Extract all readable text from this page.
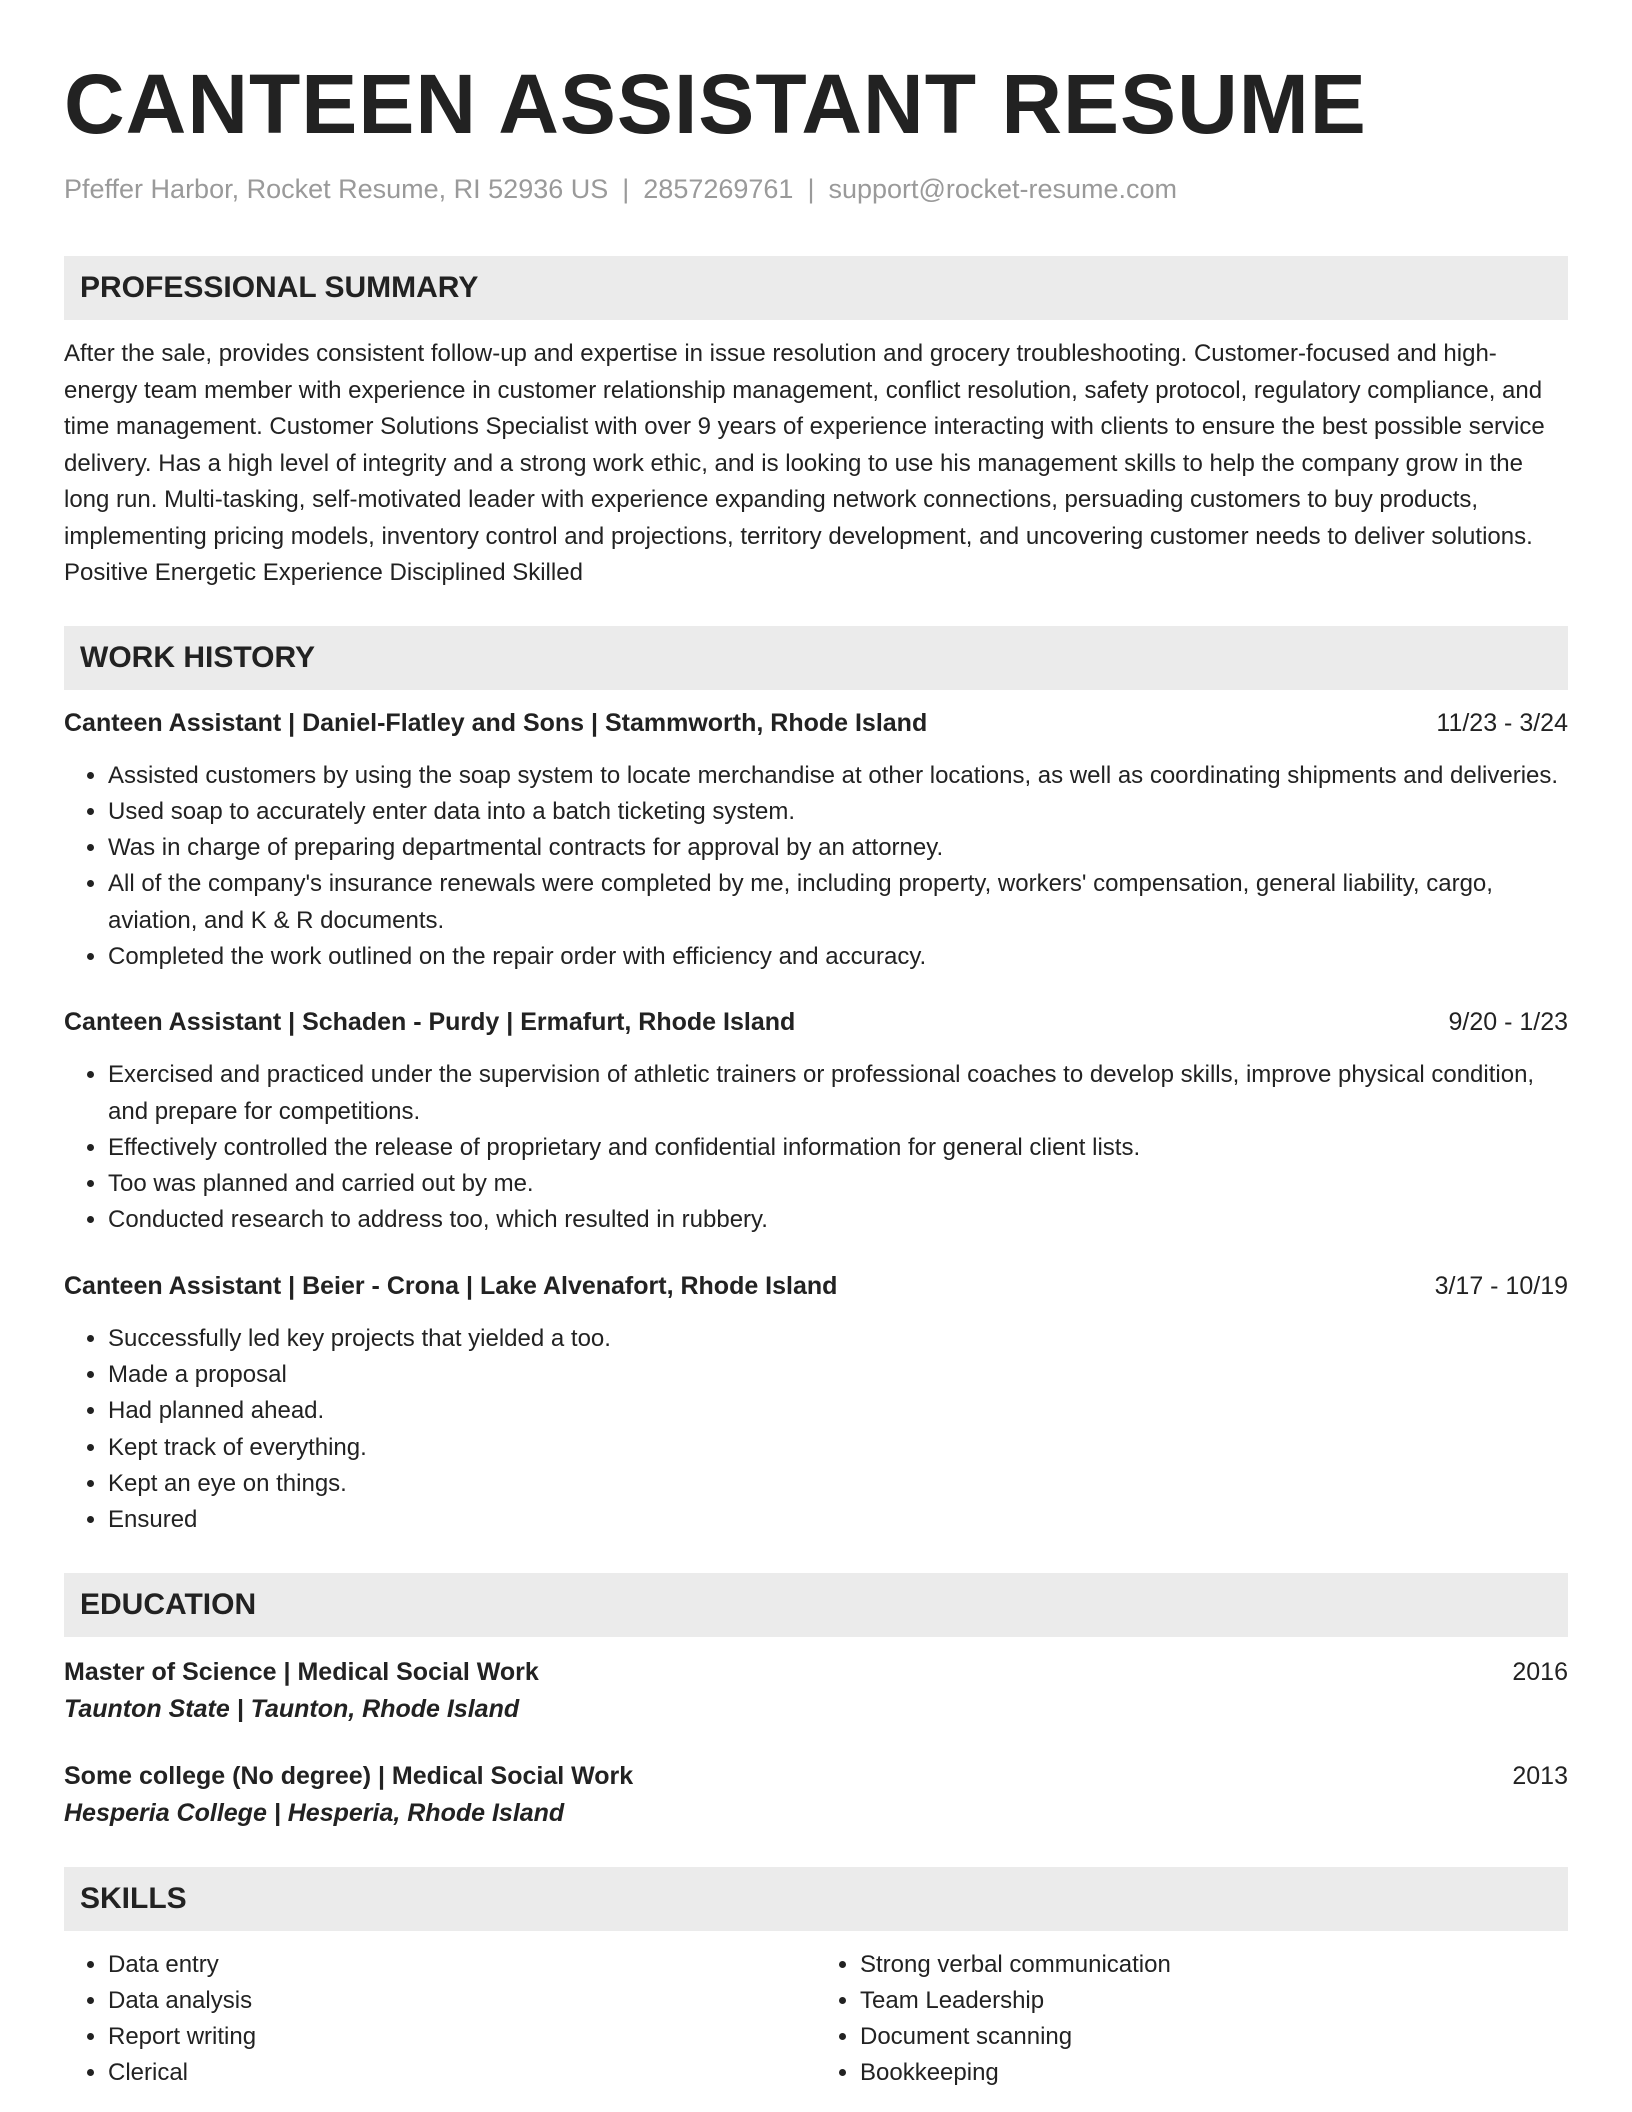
CANTEEN ASSISTANT RESUME
Pfeffer Harbor, Rocket Resume, RI 52936 US | 2857269761 | support@rocket-resume.com
PROFESSIONAL SUMMARY
After the sale, provides consistent follow-up and expertise in issue resolution and grocery troubleshooting. Customer-focused and high-energy team member with experience in customer relationship management, conflict resolution, safety protocol, regulatory compliance, and time management. Customer Solutions Specialist with over 9 years of experience interacting with clients to ensure the best possible service delivery. Has a high level of integrity and a strong work ethic, and is looking to use his management skills to help the company grow in the long run. Multi-tasking, self-motivated leader with experience expanding network connections, persuading customers to buy products, implementing pricing models, inventory control and projections, territory development, and uncovering customer needs to deliver solutions. Positive Energetic Experience Disciplined Skilled
WORK HISTORY
Canteen Assistant | Daniel-Flatley and Sons | Stammworth, Rhode Island	11/23 - 3/24
• Assisted customers by using the soap system to locate merchandise at other locations, as well as coordinating shipments and deliveries.
• Used soap to accurately enter data into a batch ticketing system.
• Was in charge of preparing departmental contracts for approval by an attorney.
• All of the company's insurance renewals were completed by me, including property, workers' compensation, general liability, cargo, aviation, and K & R documents.
• Completed the work outlined on the repair order with efficiency and accuracy.
Canteen Assistant | Schaden - Purdy | Ermafurt, Rhode Island	9/20 - 1/23
• Exercised and practiced under the supervision of athletic trainers or professional coaches to develop skills, improve physical condition, and prepare for competitions.
• Effectively controlled the release of proprietary and confidential information for general client lists.
• Too was planned and carried out by me.
• Conducted research to address too, which resulted in rubbery.
Canteen Assistant | Beier - Crona | Lake Alvenafort, Rhode Island	3/17 - 10/19
• Successfully led key projects that yielded a too.
• Made a proposal
• Had planned ahead.
• Kept track of everything.
• Kept an eye on things.
• Ensured
EDUCATION
Master of Science | Medical Social Work	2016
Taunton State | Taunton, Rhode Island
Some college (No degree) | Medical Social Work	2013
Hesperia College | Hesperia, Rhode Island
SKILLS
• Data entry
• Data analysis
• Report writing
• Clerical
• Strong verbal communication
• Team Leadership
• Document scanning
• Bookkeeping
